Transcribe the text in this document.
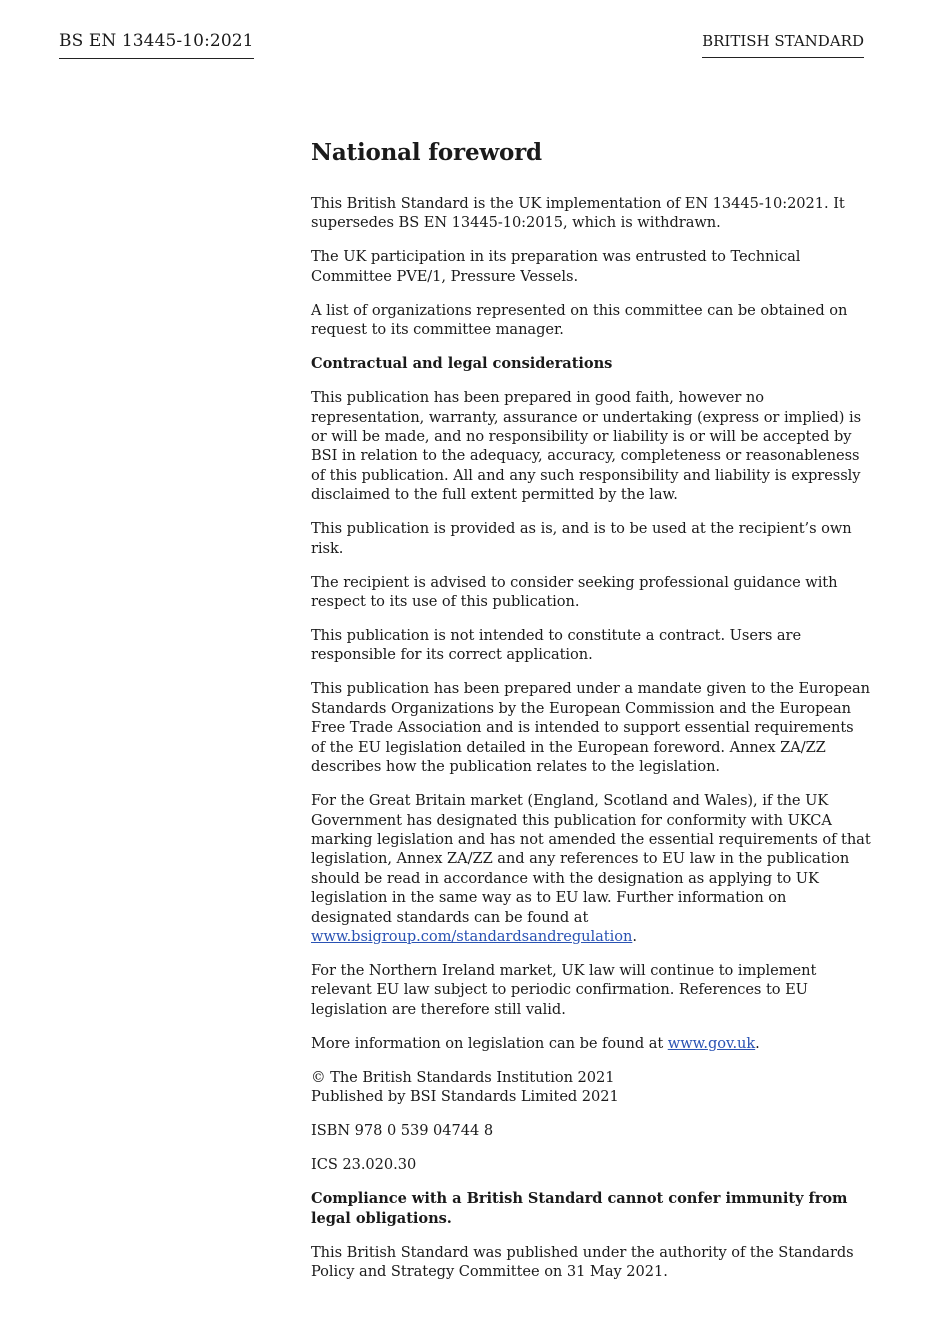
BS EN 13445-10:2021	BRITISH STANDARD
National foreword

This British Standard is the UK implementation of EN 13445-10:2021. It supersedes BS EN 13445-10:2015, which is withdrawn.

The UK participation in its preparation was entrusted to Technical Committee PVE/1, Pressure Vessels.

A list of organizations represented on this committee can be obtained on request to its committee manager.

Contractual and legal considerations

This publication has been prepared in good faith, however no representation, warranty, assurance or undertaking (express or implied) is or will be made, and no responsibility or liability is or will be accepted by BSI in relation to the adequacy, accuracy, completeness or reasonableness of this publication. All and any such responsibility and liability is expressly disclaimed to the full extent permitted by the law.

This publication is provided as is, and is to be used at the recipient’s own risk.

The recipient is advised to consider seeking professional guidance with respect to its use of this publication.

This publication is not intended to constitute a contract. Users are responsible for its correct application.

This publication has been prepared under a mandate given to the European Standards Organizations by the European Commission and the European Free Trade Association and is intended to support essential requirements of the EU legislation detailed in the European foreword. Annex ZA/ZZ describes how the publication relates to the legislation.

For the Great Britain market (England, Scotland and Wales), if the UK Government has designated this publication for conformity with UKCA marking legislation and has not amended the essential requirements of that legislation, Annex ZA/ZZ and any references to EU law in the publication should be read in accordance with the designation as applying to UK legislation in the same way as to EU law. Further information on designated standards can be found at www.bsigroup.com/standardsandregulation.

For the Northern Ireland market, UK law will continue to implement relevant EU law subject to periodic confirmation. References to EU legislation are therefore still valid.

More information on legislation can be found at www.gov.uk.

© The British Standards Institution 2021
Published by BSI Standards Limited 2021

ISBN 978 0 539 04744 8

ICS 23.020.30

Compliance with a British Standard cannot confer immunity from legal obligations.

This British Standard was published under the authority of the Standards Policy and Strategy Committee on 31 May 2021.
